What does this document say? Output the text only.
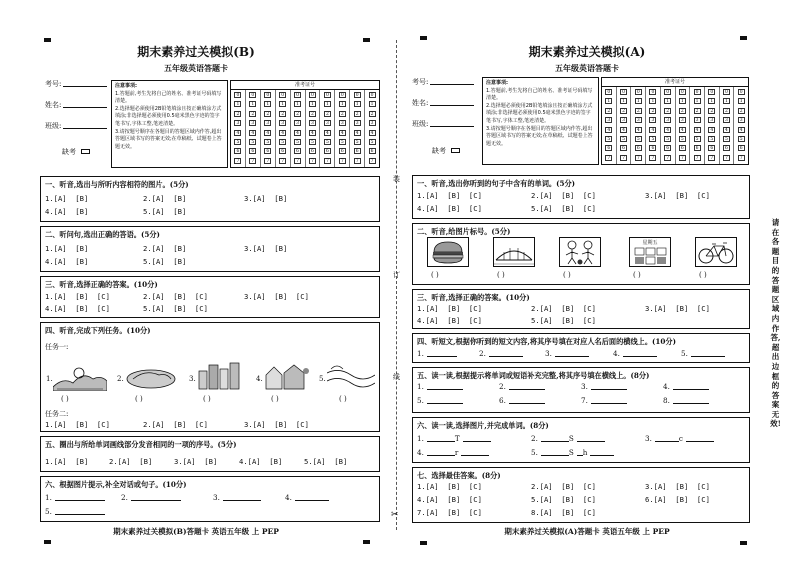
装
订
线
✂
期末素养过关模拟(B)
五年级英语答题卡
考号:
姓名:
班级:
注意事项:
1.答题前,考生先将自己的姓名、准考证号码填写清楚。
2.选择题必须使用2B铅笔填涂且按正确填涂方式填涂;非选择题必须使用0.5毫米黑色字迹的签字笔书写,字体工整,笔迹清楚。
3.请按题号顺序在各题目的答题区域内作答,超出答题区域书写的答案无效;在草稿纸、试题卷上答题无效。
准考证号
0
1
2
3
4
5
6
7
0
1
2
3
4
5
6
7
0
1
2
3
4
5
6
7
0
1
2
3
4
5
6
7
0
1
2
3
4
5
6
7
0
1
2
3
4
5
6
7
0
1
2
3
4
5
6
7
0
1
2
3
4
5
6
7
0
1
2
3
4
5
6
7
0
1
2
3
4
5
6
7
缺考
一、听音,选出与所听内容相符的图片。(5分)
1.[A]  [B]	2.[A]  [B]	3.[A]  [B]
4.[A]  [B]	5.[A]  [B]
二、听问句,选出正确的答语。(5分)
1.[A]  [B]	2.[A]  [B]	3.[A]  [B]
4.[A]  [B]	5.[A]  [B]
三、听音,选择正确的答案。(10分)
1.[A]  [B]  [C]	2.[A]  [B]  [C]	3.[A]  [B]  [C]
4.[A]  [B]  [C]	5.[A]  [B]  [C]
四、听音,完成下列任务。(10分)
任务一:
1.	2.	3.	4.	5.
( )	( )	( )	( )	( )
任务二:
1.[A]  [B]  [C]	2.[A]  [B]  [C]	3.[A]  [B]  [C]
五、圈出与所给单词画线部分发音相同的一项的序号。(5分)
1.[A]  [B]	2.[A]  [B]	3.[A]  [B]	4.[A]  [B]	5.[A]  [B]
六、根据图片提示,补全对话或句子。(10分)
1.	2.	3.	4.
5.
期末素养过关模拟(B)答题卡 英语五年级 上 PEP
期末素养过关模拟(A)
五年级英语答题卡
考号:
姓名:
班级:
注意事项:
1.答题前,考生先将自己的姓名、准考证号码填写清楚。
2.选择题必须使用2B铅笔填涂且按正确填涂方式填涂;非选择题必须使用0.5毫米黑色字迹的签字笔书写,字体工整,笔迹清楚。
3.请按题号顺序在各题目的答题区域内作答,超出答题区域书写的答案无效;在草稿纸、试题卷上答题无效。
准考证号
0
1
2
3
4
5
6
7
0
1
2
3
4
5
6
7
0
1
2
3
4
5
6
7
0
1
2
3
4
5
6
7
0
1
2
3
4
5
6
7
0
1
2
3
4
5
6
7
0
1
2
3
4
5
6
7
0
1
2
3
4
5
6
7
0
1
2
3
4
5
6
7
0
1
2
3
4
5
6
7
缺考
一、听音,选出你听到的句子中含有的单词。(5分)
1.[A]  [B]  [C]	2.[A]  [B]  [C]	3.[A]  [B]  [C]
4.[A]  [B]  [C]	5.[A]  [B]  [C]
二、听音,给图片标号。(5分)
星期五
( )	( )	( )	( )	( )
三、听音,选择正确的答案。(10分)
1.[A]  [B]  [C]	2.[A]  [B]  [C]	3.[A]  [B]  [C]
4.[A]  [B]  [C]	5.[A]  [B]  [C]
四、听短文,根据你听到的短文内容,将其序号填在对应人名后面的横线上。(10分)
1.	2.	3.	4.	5.
五、读一读,根据提示将单词或短语补充完整,将其序号填在横线上。(8分)
1.	2.	3.	4.
5.	6.	7.	8.
六、读一读,选择图片,并完成单词。(8分)
1.	T	2.	S	3.	c
4.	r	5.	S h
七、选择最佳答案。(8分)
1.[A]  [B]  [C]	2.[A]  [B]  [C]	3.[A]  [B]  [C]
4.[A]  [B]  [C]	5.[A]  [B]  [C]	6.[A]  [B]  [C]
7.[A]  [B]  [C]	8.[A]  [B]  [C]
期末素养过关模拟(A)答题卡 英语五年级 上 PEP
请在各题目的答题区域内作答,超出边框的答案无效!
